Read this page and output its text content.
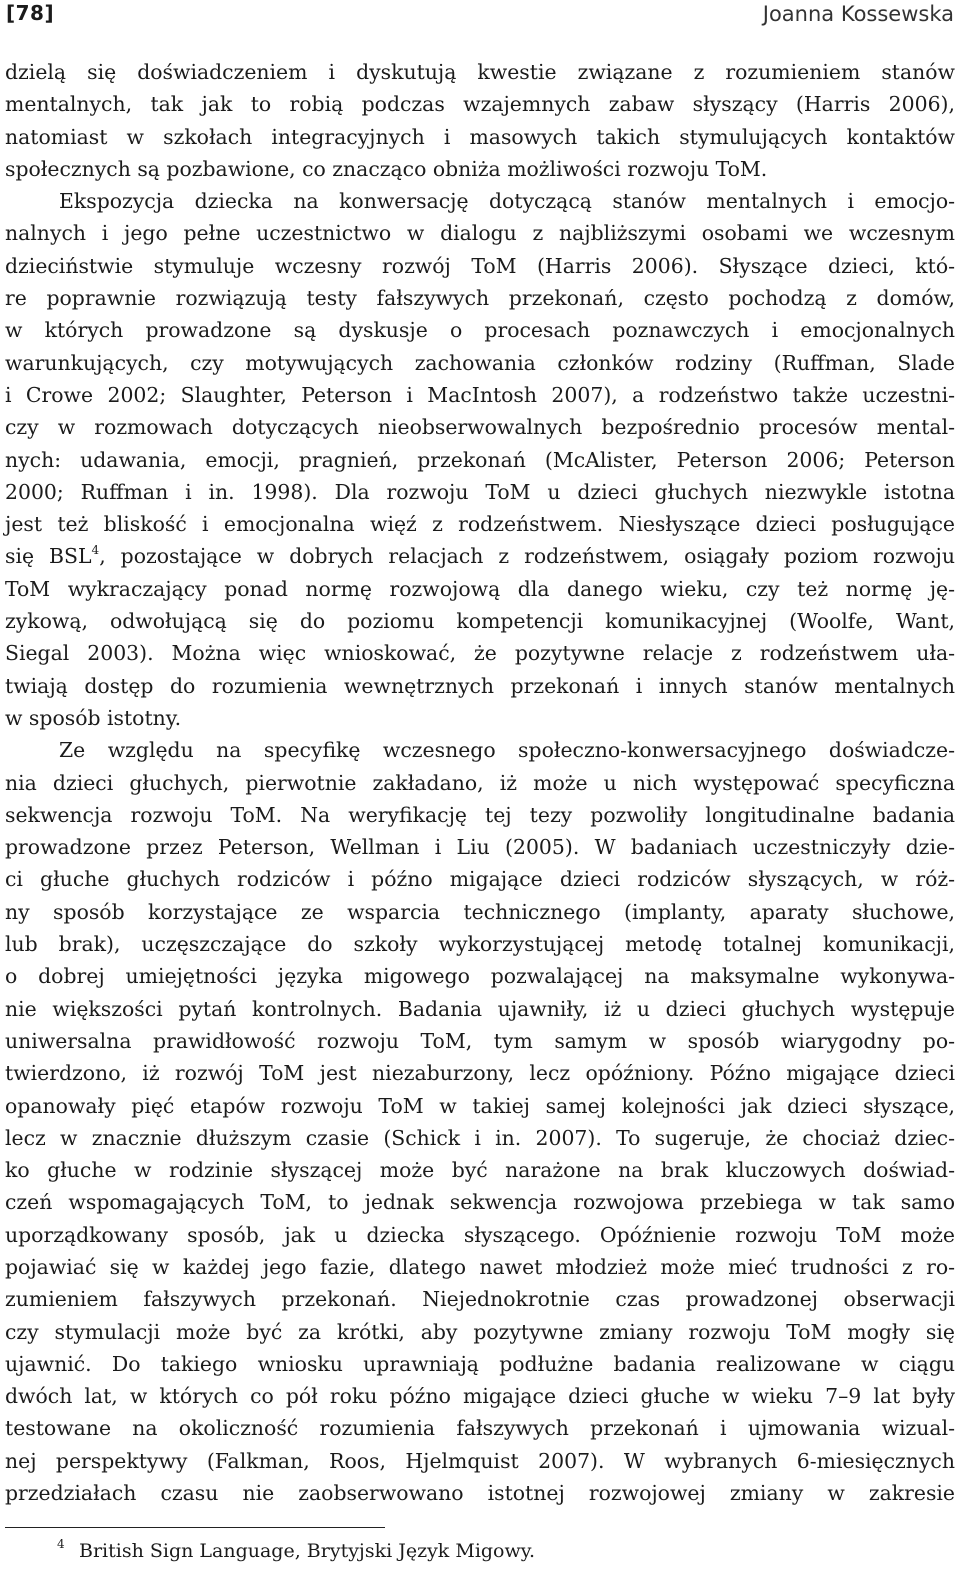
[78]	Joanna Kossewska

dzielą się doświadczeniem i dyskutują kwestie związane z rozumieniem stanów
mentalnych, tak jak to robią podczas wzajemnych zabaw słyszący (Harris 2006),
natomiast w szkołach integracyjnych i masowych takich stymulujących kontaktów
społecznych są pozbawione, co znacząco obniża możliwości rozwoju ToM.
Ekspozycja dziecka na konwersację dotyczącą stanów mentalnych i emocjo-
nalnych i jego pełne uczestnictwo w dialogu z najbliższymi osobami we wczesnym
dzieciństwie stymuluje wczesny rozwój ToM (Harris 2006). Słyszące dzieci, któ-
re poprawnie rozwiązują testy fałszywych przekonań, często pochodzą z domów,
w których prowadzone są dyskusje o procesach poznawczych i emocjonalnych
warunkujących, czy motywujących zachowania członków rodziny (Ruffman, Slade
i Crowe 2002; Slaughter, Peterson i MacIntosh 2007), a rodzeństwo także uczestni-
czy w rozmowach dotyczących nieobserwowalnych bezpośrednio procesów mental-
nych: udawania, emocji, pragnień, przekonań (McAlister, Peterson 2006; Peterson
2000; Ruffman i in. 1998). Dla rozwoju ToM u dzieci głuchych niezwykle istotna
jest też bliskość i emocjonalna więź z rodzeństwem. Niesłyszące dzieci posługujące
się BSL$^4$, pozostające w dobrych relacjach z rodzeństwem, osiągały poziom rozwoju
ToM wykraczający ponad normę rozwojową dla danego wieku, czy też normę ję-
zykową, odwołującą się do poziomu kompetencji komunikacyjnej (Woolfe, Want,
Siegal 2003). Można więc wnioskować, że pozytywne relacje z rodzeństwem uła-
twiają dostęp do rozumienia wewnętrznych przekonań i innych stanów mentalnych
w sposób istotny.

Ze względu na specyfikę wczesnego społeczno-konwersacyjnego doświadcze-
nia dzieci głuchych, pierwotnie zakładano, iż może u nich występować specyficzna
sekwencja rozwoju ToM. Na weryfikację tej tezy pozwoliły longitudinalne badania
prowadzone przez Peterson, Wellman i Liu (2005). W badaniach uczestniczyły dzie-
ci głuche głuchych rodziców i późno migające dzieci rodziców słyszących, w róż-
ny sposób korzystające ze wsparcia technicznego (implanty, aparaty słuchowe,
lub brak), uczęszczające do szkoły wykorzystującej metodę totalnej komunikacji,
o dobrej umiejętności języka migowego pozwalającej na maksymalne wykonywa-
nie większości pytań kontrolnych. Badania ujawniły, iż u dzieci głuchych występuje
uniwersalna prawidłowość rozwoju ToM, tym samym w sposób wiarygodny po-
twierdzono, iż rozwój ToM jest niezaburzony, lecz opóźniony. Późno migające dzieci
opanowały pięć etapów rozwoju ToM w takiej samej kolejności jak dzieci słyszące,
lecz w znacznie dłuższym czasie (Schick i in. 2007). To sugeruje, że chociaż dziec-
ko głuche w rodzinie słyszącej może być narażone na brak kluczowych doświad-
czeń wspomagających ToM, to jednak sekwencja rozwojowa przebiega w tak samo
uporządkowany sposób, jak u dziecka słyszącego. Opóźnienie rozwoju ToM może
pojawiać się w każdej jego fazie, dlatego nawet młodzież może mieć trudności z ro-
zumieniem fałszywych przekonań. Niejednokrotnie czas prowadzonej obserwacji
czy stymulacji może być za krótki, aby pozytywne zmiany rozwoju ToM mogły się
ujawnić. Do takiego wniosku uprawniają podłużne badania realizowane w ciągu
dwóch lat, w których co pół roku późno migające dzieci głuche w wieku 7–9 lat były
testowane na okoliczność rozumienia fałszywych przekonań i ujmowania wizual-
nej perspektywy (Falkman, Roos, Hjelmquist 2007). W wybranych 6-miesięcznych
przedziałach czasu nie zaobserwowano istotnej rozwojowej zmiany w zakresie

4 British Sign Language, Brytyjski Język Migowy.
